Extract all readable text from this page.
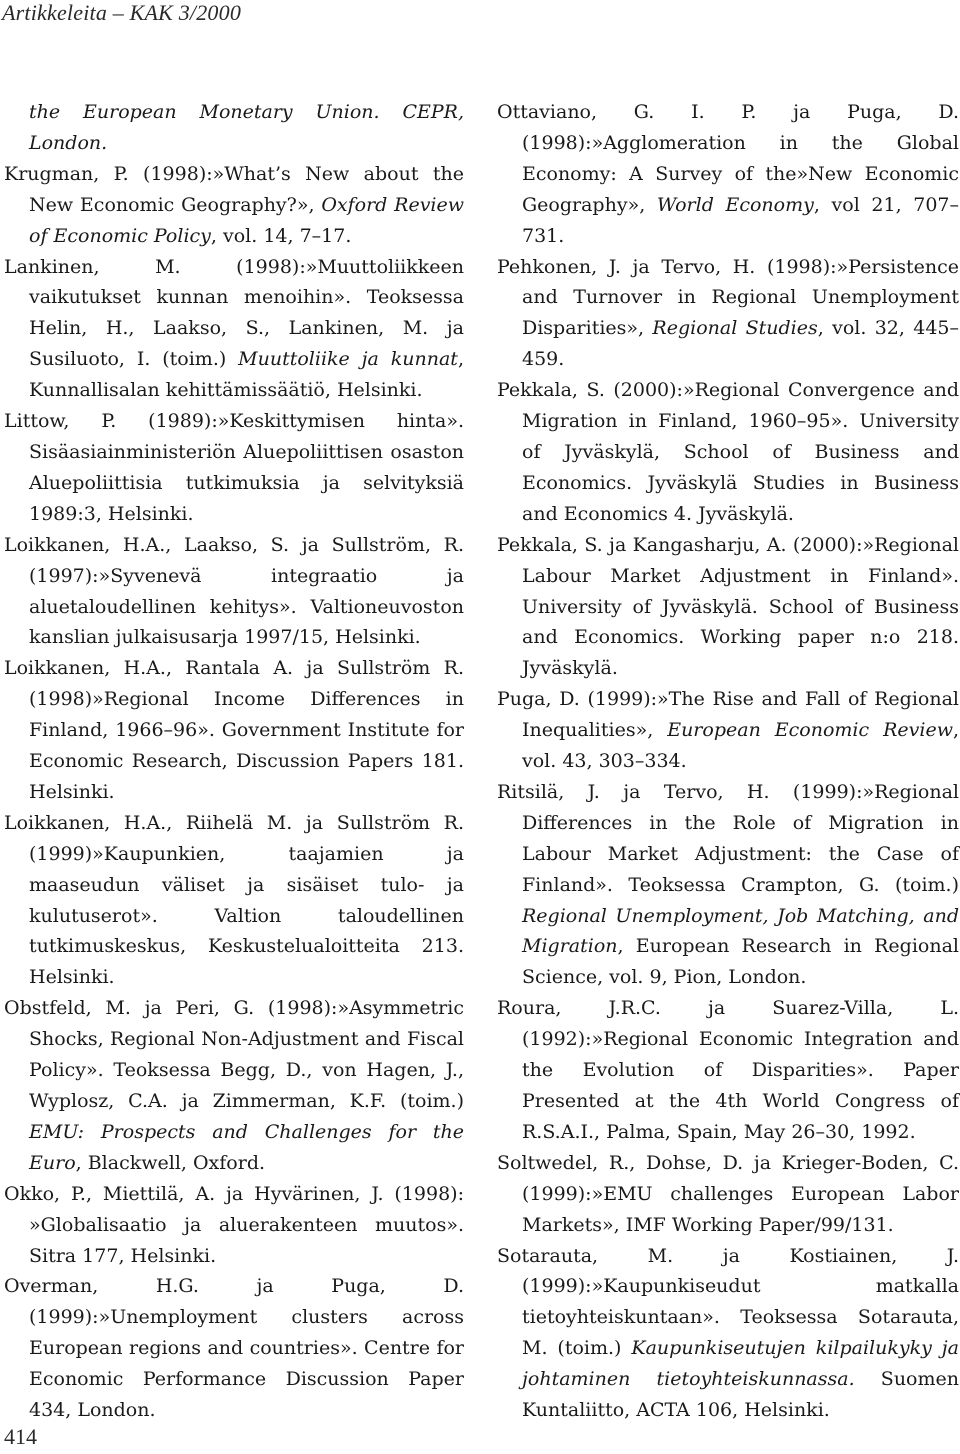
Artikkeleita – KAK 3/2000

the European Monetary Union. CEPR, London.

Krugman, P. (1998):»What’s New about the New Economic Geography?», Oxford Review of Economic Policy, vol. 14, 7–17.

Lankinen, M. (1998):»Muuttoliikkeen vaikutukset kunnan menoihin». Teoksessa Helin, H., Laakso, S., Lankinen, M. ja Susiluoto, I. (toim.) Muuttoliike ja kunnat, Kunnallisalan kehittämissäätiö, Helsinki.

Littow, P. (1989):»Keskittymisen hinta». Sisäasiainministeriön Aluepoliittisen osaston Aluepoliittisia tutkimuksia ja selvityksiä 1989:3, Helsinki.

Loikkanen, H.A., Laakso, S. ja Sullström, R. (1997):»Syvenevä integraatio ja aluetaloudellinen kehitys». Valtioneuvoston kanslian julkaisusarja 1997/15, Helsinki.

Loikkanen, H.A., Rantala A. ja Sullström R. (1998)»Regional Income Differences in Finland, 1966–96». Government Institute for Economic Research, Discussion Papers 181. Helsinki.

Loikkanen, H.A., Riihelä M. ja Sullström R. (1999)»Kaupunkien, taajamien ja maaseudun väliset ja sisäiset tulo- ja kulutuserot». Valtion taloudellinen tutkimuskeskus, Keskustelualoitteita 213. Helsinki.

Obstfeld, M. ja Peri, G. (1998):»Asymmetric Shocks, Regional Non-Adjustment and Fiscal Policy». Teoksessa Begg, D., von Hagen, J., Wyplosz, C.A. ja Zimmerman, K.F. (toim.) EMU: Prospects and Challenges for the Euro, Blackwell, Oxford.

Okko, P., Miettilä, A. ja Hyvärinen, J. (1998): »Globalisaatio ja aluerakenteen muutos». Sitra 177, Helsinki.

Overman, H.G. ja Puga, D. (1999):»Unemployment clusters across European regions and countries». Centre for Economic Performance Discussion Paper 434, London.

Ottaviano, G. I. P. ja Puga, D. (1998):»Agglomeration in the Global Economy: A Survey of the»New Economic Geography», World Economy, vol 21, 707–731.

Pehkonen, J. ja Tervo, H. (1998):»Persistence and Turnover in Regional Unemployment Disparities», Regional Studies, vol. 32, 445–459.

Pekkala, S. (2000):»Regional Convergence and Migration in Finland, 1960–95». University of Jyväskylä, School of Business and Economics. Jyväskylä Studies in Business and Economics 4. Jyväskylä.

Pekkala, S. ja Kangasharju, A. (2000):»Regional Labour Market Adjustment in Finland». University of Jyväskylä. School of Business and Economics. Working paper n:o 218. Jyväskylä.

Puga, D. (1999):»The Rise and Fall of Regional Inequalities», European Economic Review, vol. 43, 303–334.

Ritsilä, J. ja Tervo, H. (1999):»Regional Differences in the Role of Migration in Labour Market Adjustment: the Case of Finland». Teoksessa Crampton, G. (toim.) Regional Unemployment, Job Matching, and Migration, European Research in Regional Science, vol. 9, Pion, London.

Roura, J.R.C. ja Suarez-Villa, L. (1992):»Regional Economic Integration and the Evolution of Disparities». Paper Presented at the 4th World Congress of R.S.A.I., Palma, Spain, May 26–30, 1992.

Soltwedel, R., Dohse, D. ja Krieger-Boden, C. (1999):»EMU challenges European Labor Markets», IMF Working Paper/99/131.

Sotarauta, M. ja Kostiainen, J. (1999):»Kaupunkiseudut matkalla tietoyhteiskuntaan». Teoksessa Sotarauta, M. (toim.) Kaupunkiseutujen kilpailukyky ja johtaminen tietoyhteiskunnassa. Suomen Kuntaliitto, ACTA 106, Helsinki.

414
